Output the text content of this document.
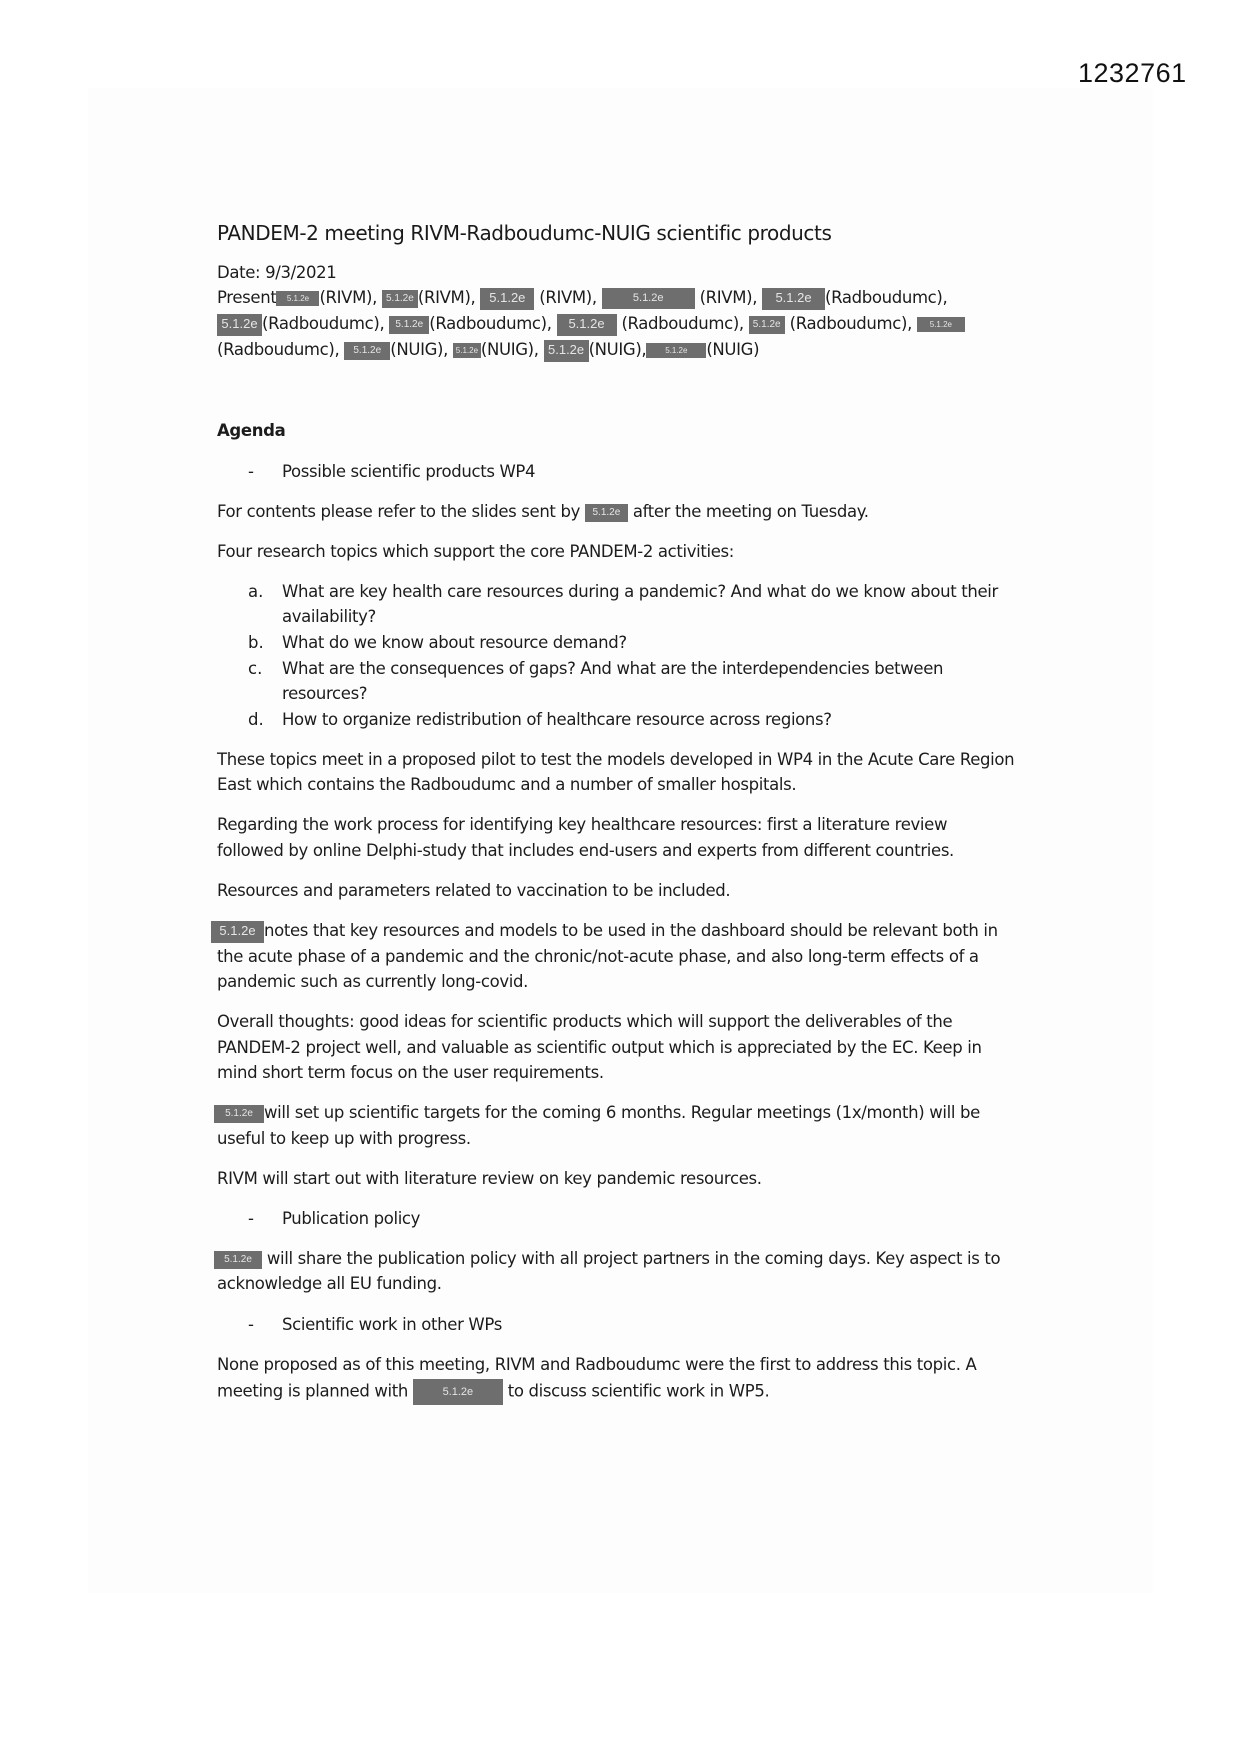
1232761
PANDEM-2 meeting RIVM-Radboudumc-NUIG scientific products
Date: 9/3/2021
Present 5.1.2e (RIVM), 5.1.2e (RIVM), 5.1.2e (RIVM),	5.1.2e (RIVM), 5.1.2e (Radboudumc),
5.1.2e (Radboudumc), 5.1.2e (Radboudumc), 5.1.2e (Radboudumc), 5.1.2e (Radboudumc), 5.1.2e
(Radboudumc), 5.1.2e (NUIG), 5.1.2e (NUIG), 5.1.2e (NUIG), 5.1.2e (NUIG)
Agenda
- Possible scientific products WP4
For contents please refer to the slides sent by 5.1.2e after the meeting on Tuesday.
Four research topics which support the core PANDEM-2 activities:
a. What are key health care resources during a pandemic? And what do we know about their
availability?
b. What do we know about resource demand?
c. What are the consequences of gaps? And what are the interdependencies between
resources?
d. How to organize redistribution of healthcare resource across regions?
These topics meet in a proposed pilot to test the models developed in WP4 in the Acute Care Region
East which contains the Radboudumc and a number of smaller hospitals.
Regarding the work process for identifying key healthcare resources: first a literature review
followed by online Delphi-study that includes end-users and experts from different countries.
Resources and parameters related to vaccination to be included.
5.1.2e notes that key resources and models to be used in the dashboard should be relevant both in
the acute phase of a pandemic and the chronic/not-acute phase, and also long-term effects of a
pandemic such as currently long-covid.
Overall thoughts: good ideas for scientific products which will support the deliverables of the
PANDEM-2 project well, and valuable as scientific output which is appreciated by the EC. Keep in
mind short term focus on the user requirements.
5.1.2e will set up scientific targets for the coming 6 months. Regular meetings (1x/month) will be
useful to keep up with progress.
RIVM will start out with literature review on key pandemic resources.
- Publication policy
5.1.2e will share the publication policy with all project partners in the coming days. Key aspect is to
acknowledge all EU funding.
- Scientific work in other WPs
None proposed as of this meeting, RIVM and Radboudumc were the first to address this topic. A
meeting is planned with	5.1.2e to discuss scientific work in WP5.
